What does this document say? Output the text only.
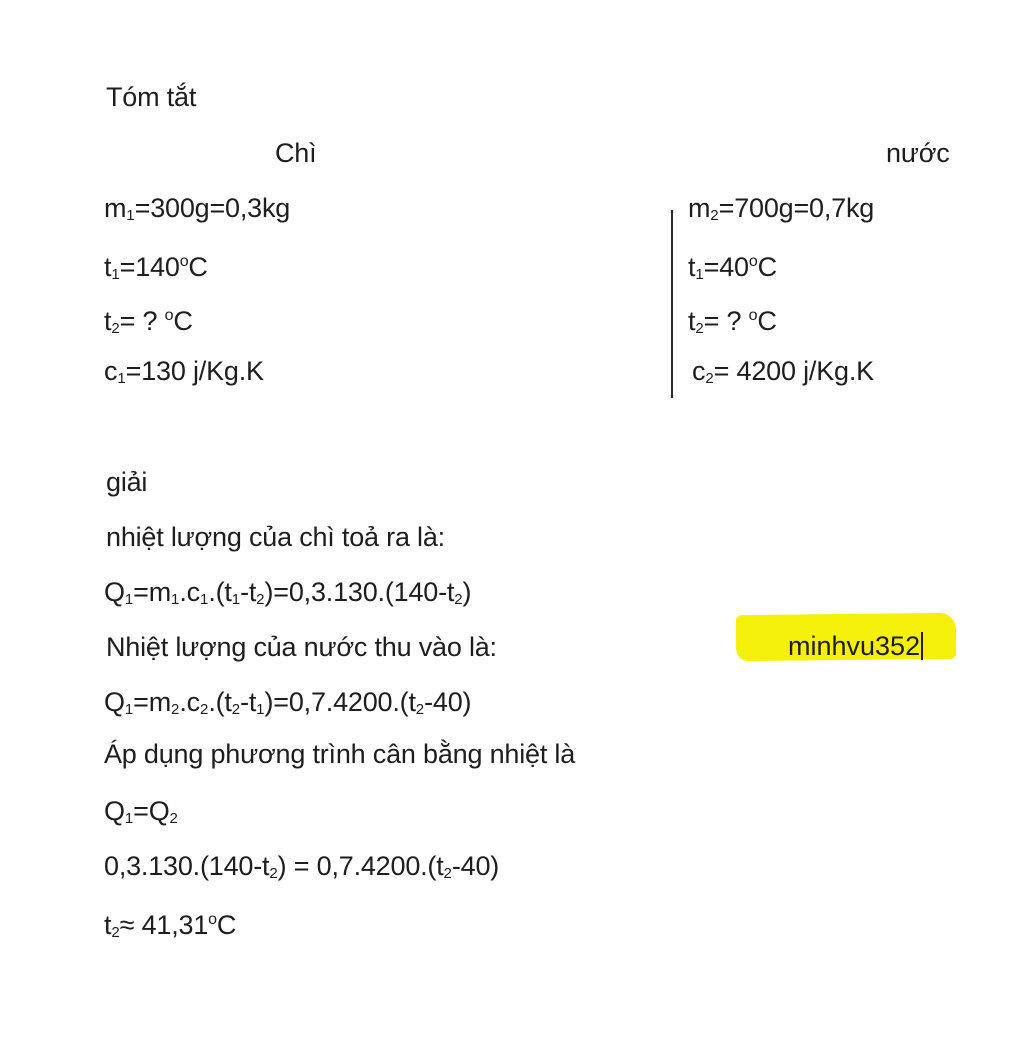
Tóm tắt
Chì	nước
$m_1=300g=0,3kg$
$t_1=140^oC$
$t_2=$ ? $^o$C
$c_1=130$ j/Kg.K
$m_2=700g=0,7kg$
$t_1=40^oC$
$t_2=$ ? $^o$C
$c_2= 4200$ j/Kg.K
giải
nhiệt lượng của chì toả ra là:
$Q_1=m_1.c_1.(t_1-t_2)=0,3.130.(140-t_2)$
Nhiệt lượng của nước thu vào là:
$Q_1=m_2.c_2.(t_2-t_1)=0,7.4200.(t_2-40)$
Áp dụng phương trình cân bằng nhiệt là
$Q_1=Q_2$
$0,3.130.(140-t_2) = 0,7.4200.(t_2-40)$
$t_2\approx 41,31^oC$
minhvu352
